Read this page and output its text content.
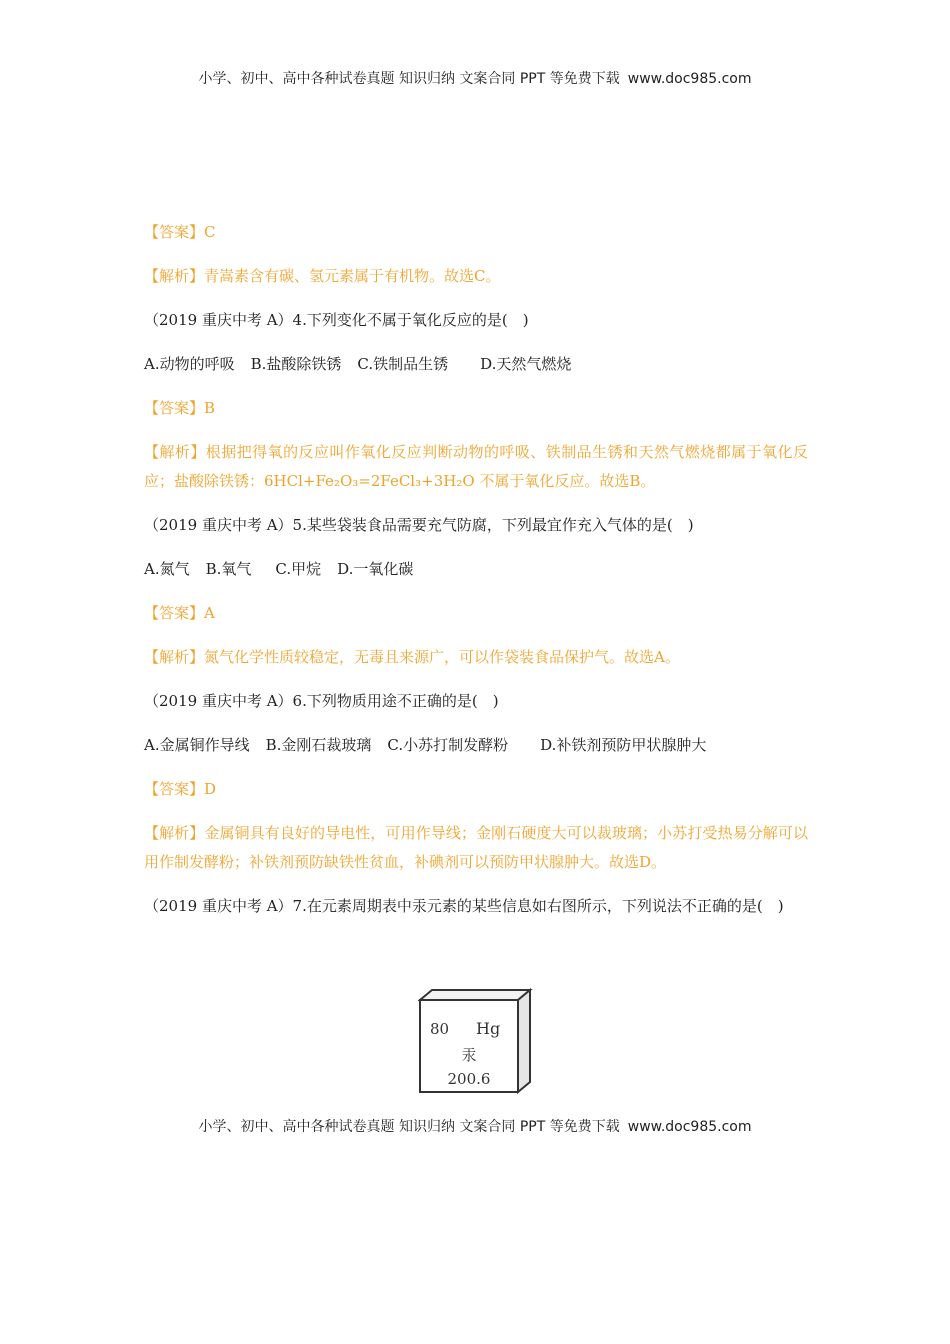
小学、初中、高中各种试卷真题 知识归纳 文案合同 PPT 等免费下载 www.doc985.com
【答案】C
【解析】青嵩素含有碳、氢元素属于有机物。故选C。
（2019 重庆中考 A）4.下列变化不属于氧化反应的是(　)
A.动物的呼吸 B.盐酸除铁锈 C.铁制品生锈 D.天然气燃烧
【答案】B
【解析】根据把得氧的反应叫作氧化反应判断动物的呼吸、铁制品生锈和天然气燃烧都属于氧化反应；盐酸除铁锈：6HCl+Fe₂O₃=2FeCl₃+3H₂O 不属于氧化反应。故选B。
（2019 重庆中考 A）5.某些袋装食品需要充气防腐，下列最宜作充入气体的是(　)
A.氮气 B.氧气 C.甲烷 D.一氧化碳
【答案】A
【解析】氮气化学性质较稳定，无毒且来源广，可以作袋装食品保护气。故选A。
（2019 重庆中考 A）6.下列物质用途不正确的是(　)
A.金属铜作导线 B.金刚石裁玻璃 C.小苏打制发酵粉 D.补铁剂预防甲状腺肿大
【答案】D
【解析】金属铜具有良好的导电性，可用作导线；金刚石硬度大可以裁玻璃；小苏打受热易分解可以用作制发酵粉；补铁剂预防缺铁性贫血，补碘剂可以预防甲状腺肿大。故选D。
（2019 重庆中考 A）7.在元素周期表中汞元素的某些信息如右图所示，下列说法不正确的是(　)
80 Hg
汞
200.6
小学、初中、高中各种试卷真题 知识归纳 文案合同 PPT 等免费下载 www.doc985.com
